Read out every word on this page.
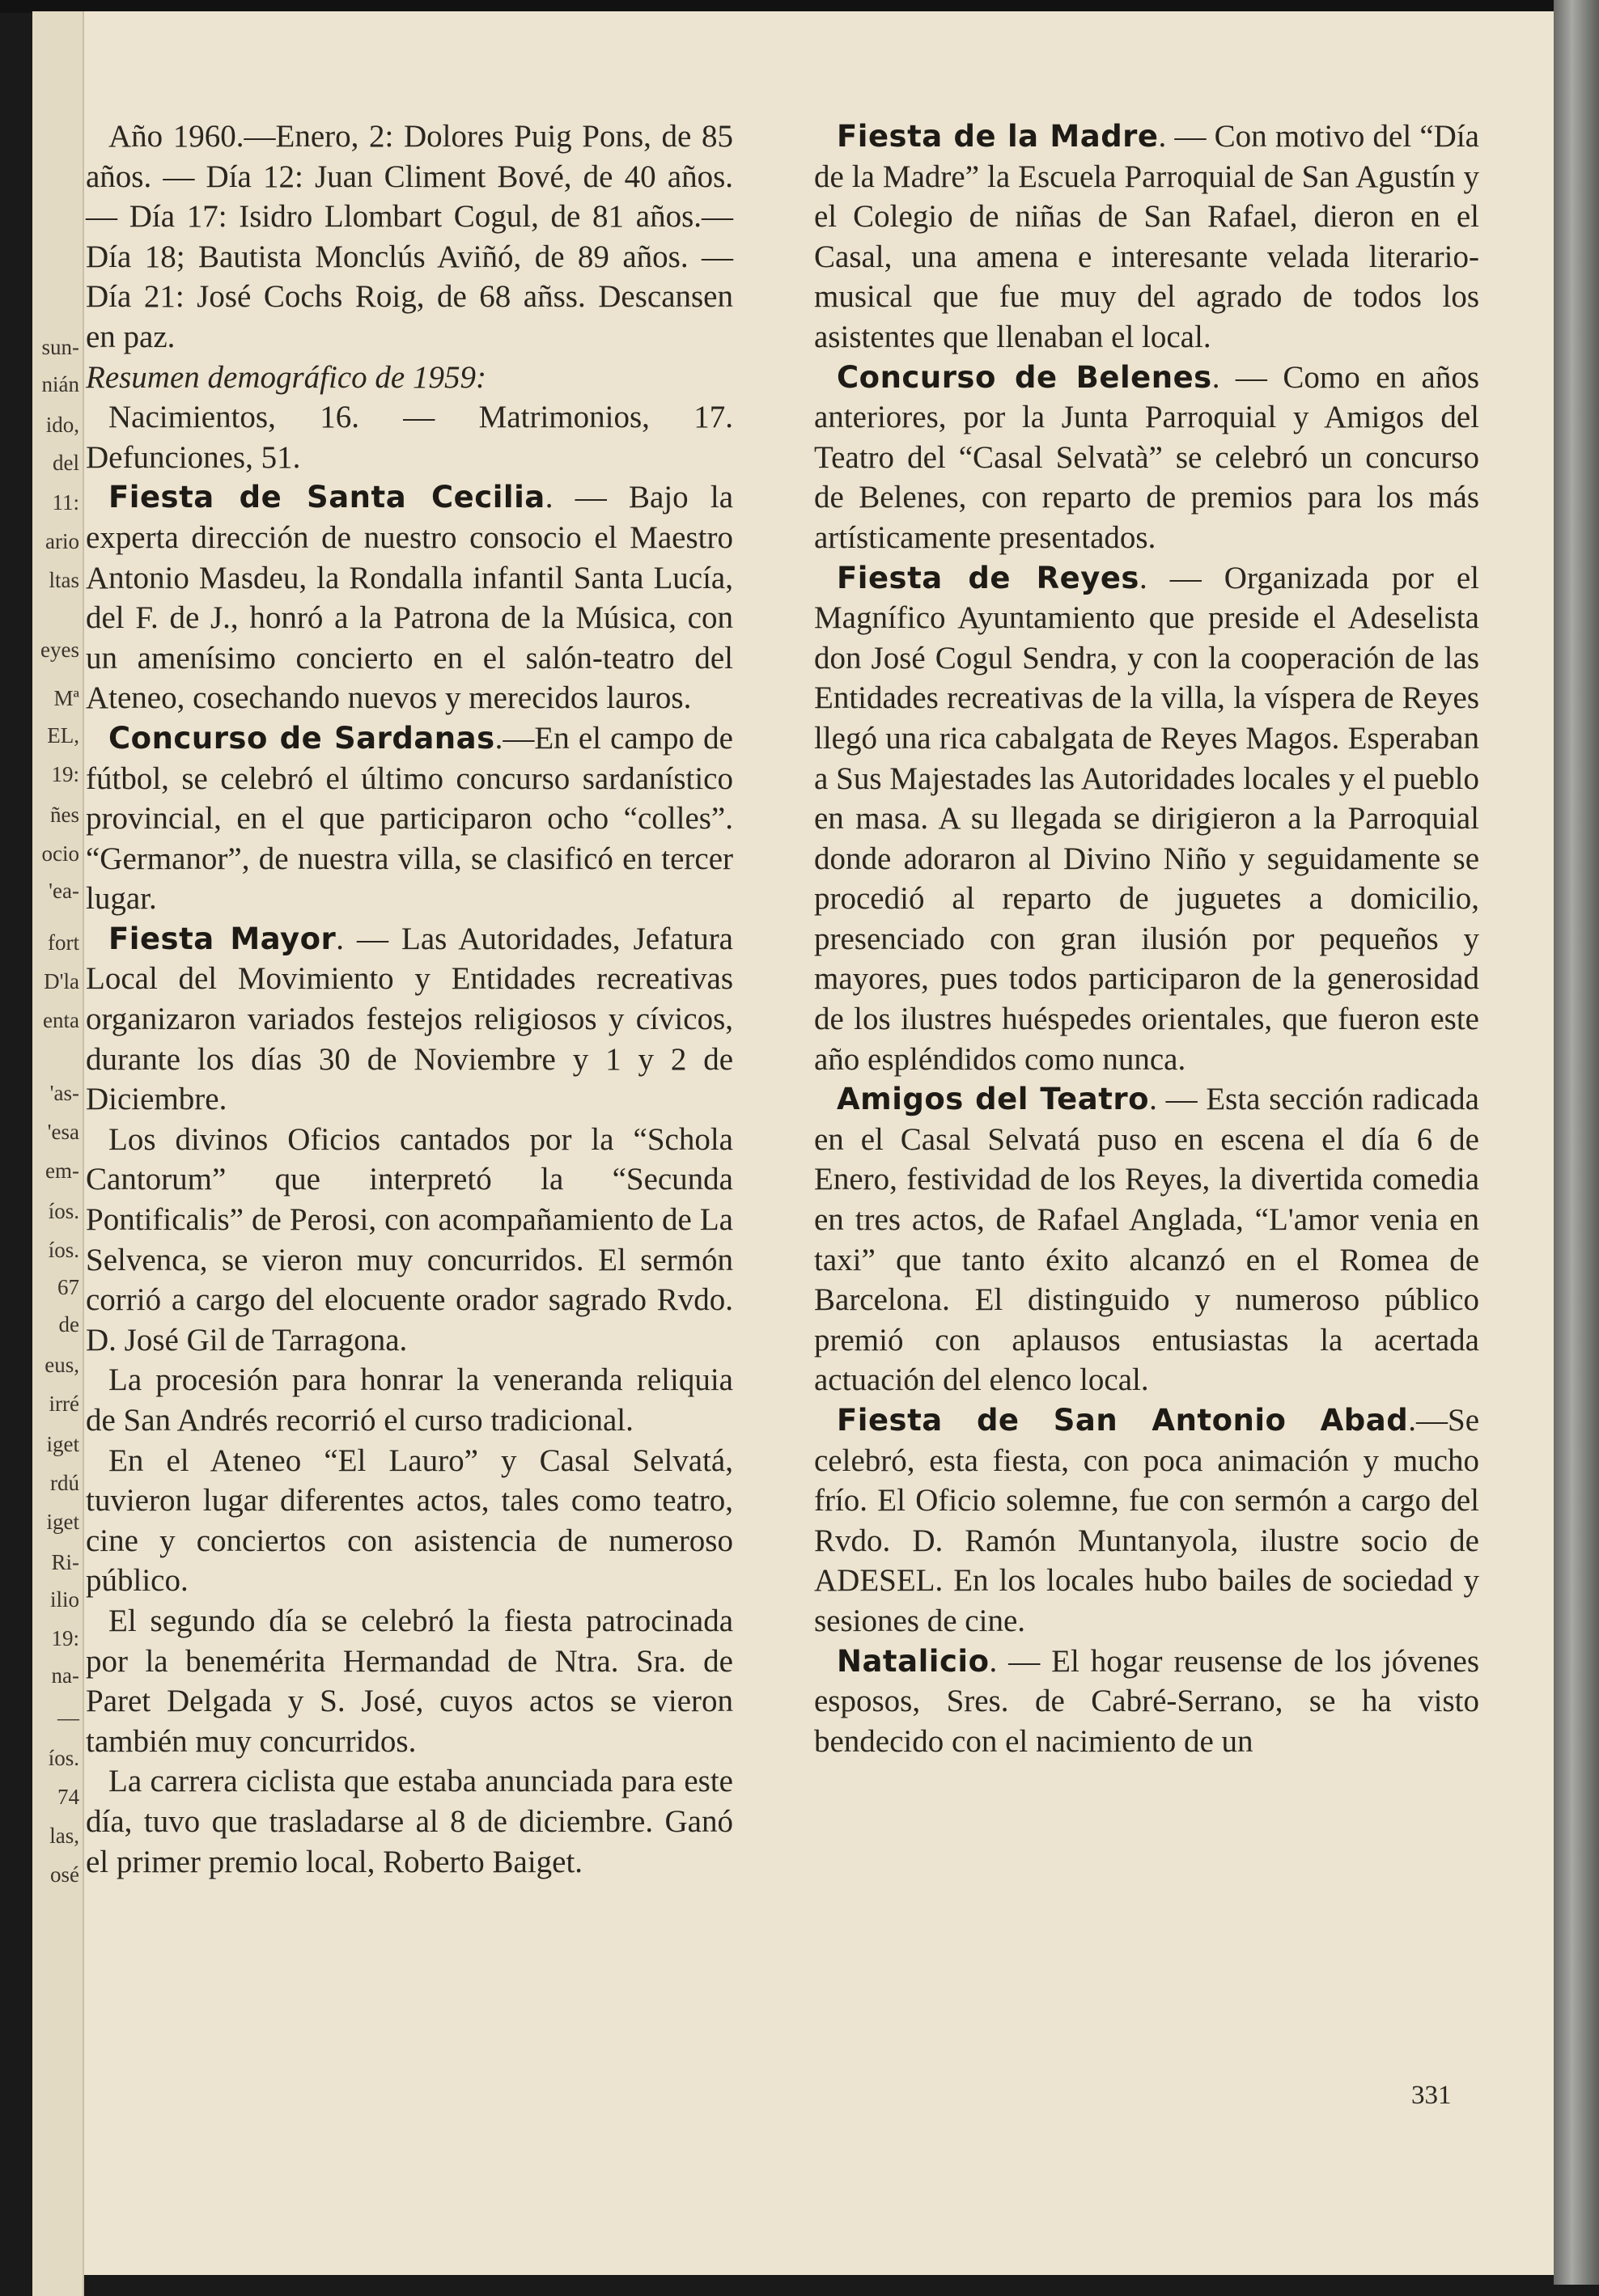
sun-
nián
ido,
del
11:
ario
ltas
eyes
Mª
EL,
19:
ñes
ocio
'ea-
fort
D'la
enta
'as-
'esa
em-
íos.
íos.
67
de
eus,
irré
iget
rdú
iget
Ri-
ilio
19:
na-
—
íos.
74
las,
osé

Año 1960.—Enero, 2: Dolores Puig Pons, de 85 años. — Día 12: Juan Climent Bové, de 40 años. — Día 17: Isidro Llombart Cogul, de 81 años.—Día 18; Bautista Monclús Aviñó, de 89 años. — Día 21: José Cochs Roig, de 68 añss. Descansen en paz.

Resumen demográfico de 1959:

Nacimientos, 16. — Matrimonios, 17. Defunciones, 51.

Fiesta de Santa Cecilia. — Bajo la experta dirección de nuestro consocio el Maestro Antonio Masdeu, la Rondalla infantil Santa Lucía, del F. de J., honró a la Patrona de la Música, con un amenísimo concierto en el salón-teatro del Ateneo, cosechando nuevos y merecidos lauros.

Concurso de Sardanas.—En el campo de fútbol, se celebró el último concurso sardanístico provincial, en el que participaron ocho “colles”. “Germanor”, de nuestra villa, se clasificó en tercer lugar.

Fiesta Mayor. — Las Autoridades, Jefatura Local del Movimiento y Entidades recreativas organizaron variados festejos religiosos y cívicos, durante los días 30 de Noviembre y 1 y 2 de Diciembre.

Los divinos Oficios cantados por la “Schola Cantorum” que interpretó la “Secunda Pontificalis” de Perosi, con acompañamiento de La Selvenca, se vieron muy concurridos. El sermón corrió a cargo del elocuente orador sagrado Rvdo. D. José Gil de Tarragona.

La procesión para honrar la veneranda reliquia de San Andrés recorrió el curso tradicional.

En el Ateneo “El Lauro” y Casal Selvatá, tuvieron lugar diferentes actos, tales como teatro, cine y conciertos con asistencia de numeroso público.

El segundo día se celebró la fiesta patrocinada por la benemérita Hermandad de Ntra. Sra. de Paret Delgada y S. José, cuyos actos se vieron también muy concurridos.

La carrera ciclista que estaba anunciada para este día, tuvo que trasladarse al 8 de diciembre. Ganó el primer premio local, Roberto Baiget.

Fiesta de la Madre. — Con motivo del “Día de la Madre” la Escuela Parroquial de San Agustín y el Colegio de niñas de San Rafael, dieron en el Casal, una amena e interesante velada literario-musical que fue muy del agrado de todos los asistentes que llenaban el local.

Concurso de Belenes. — Como en años anteriores, por la Junta Parroquial y Amigos del Teatro del “Casal Selvatà” se celebró un concurso de Belenes, con reparto de premios para los más artísticamente presentados.

Fiesta de Reyes. — Organizada por el Magnífico Ayuntamiento que preside el Adeselista don José Cogul Sendra, y con la cooperación de las Entidades recreativas de la villa, la víspera de Reyes llegó una rica cabalgata de Reyes Magos. Esperaban a Sus Majestades las Autoridades locales y el pueblo en masa. A su llegada se dirigieron a la Parroquial donde adoraron al Divino Niño y seguidamente se procedió al reparto de juguetes a domicilio, presenciado con gran ilusión por pequeños y mayores, pues todos participaron de la generosidad de los ilustres huéspedes orientales, que fueron este año espléndidos como nunca.

Amigos del Teatro. — Esta sección radicada en el Casal Selvatá puso en escena el día 6 de Enero, festividad de los Reyes, la divertida comedia en tres actos, de Rafael Anglada, “L'amor venia en taxi” que tanto éxito alcanzó en el Romea de Barcelona. El distinguido y numeroso público premió con aplausos entusiastas la acertada actuación del elenco local.

Fiesta de San Antonio Abad.—Se celebró, esta fiesta, con poca animación y mucho frío. El Oficio solemne, fue con sermón a cargo del Rvdo. D. Ramón Muntanyola, ilustre socio de ADESEL. En los locales hubo bailes de sociedad y sesiones de cine.

Natalicio. — El hogar reusense de los jóvenes esposos, Sres. de Cabré-Serrano, se ha visto bendecido con el nacimiento de un

331
